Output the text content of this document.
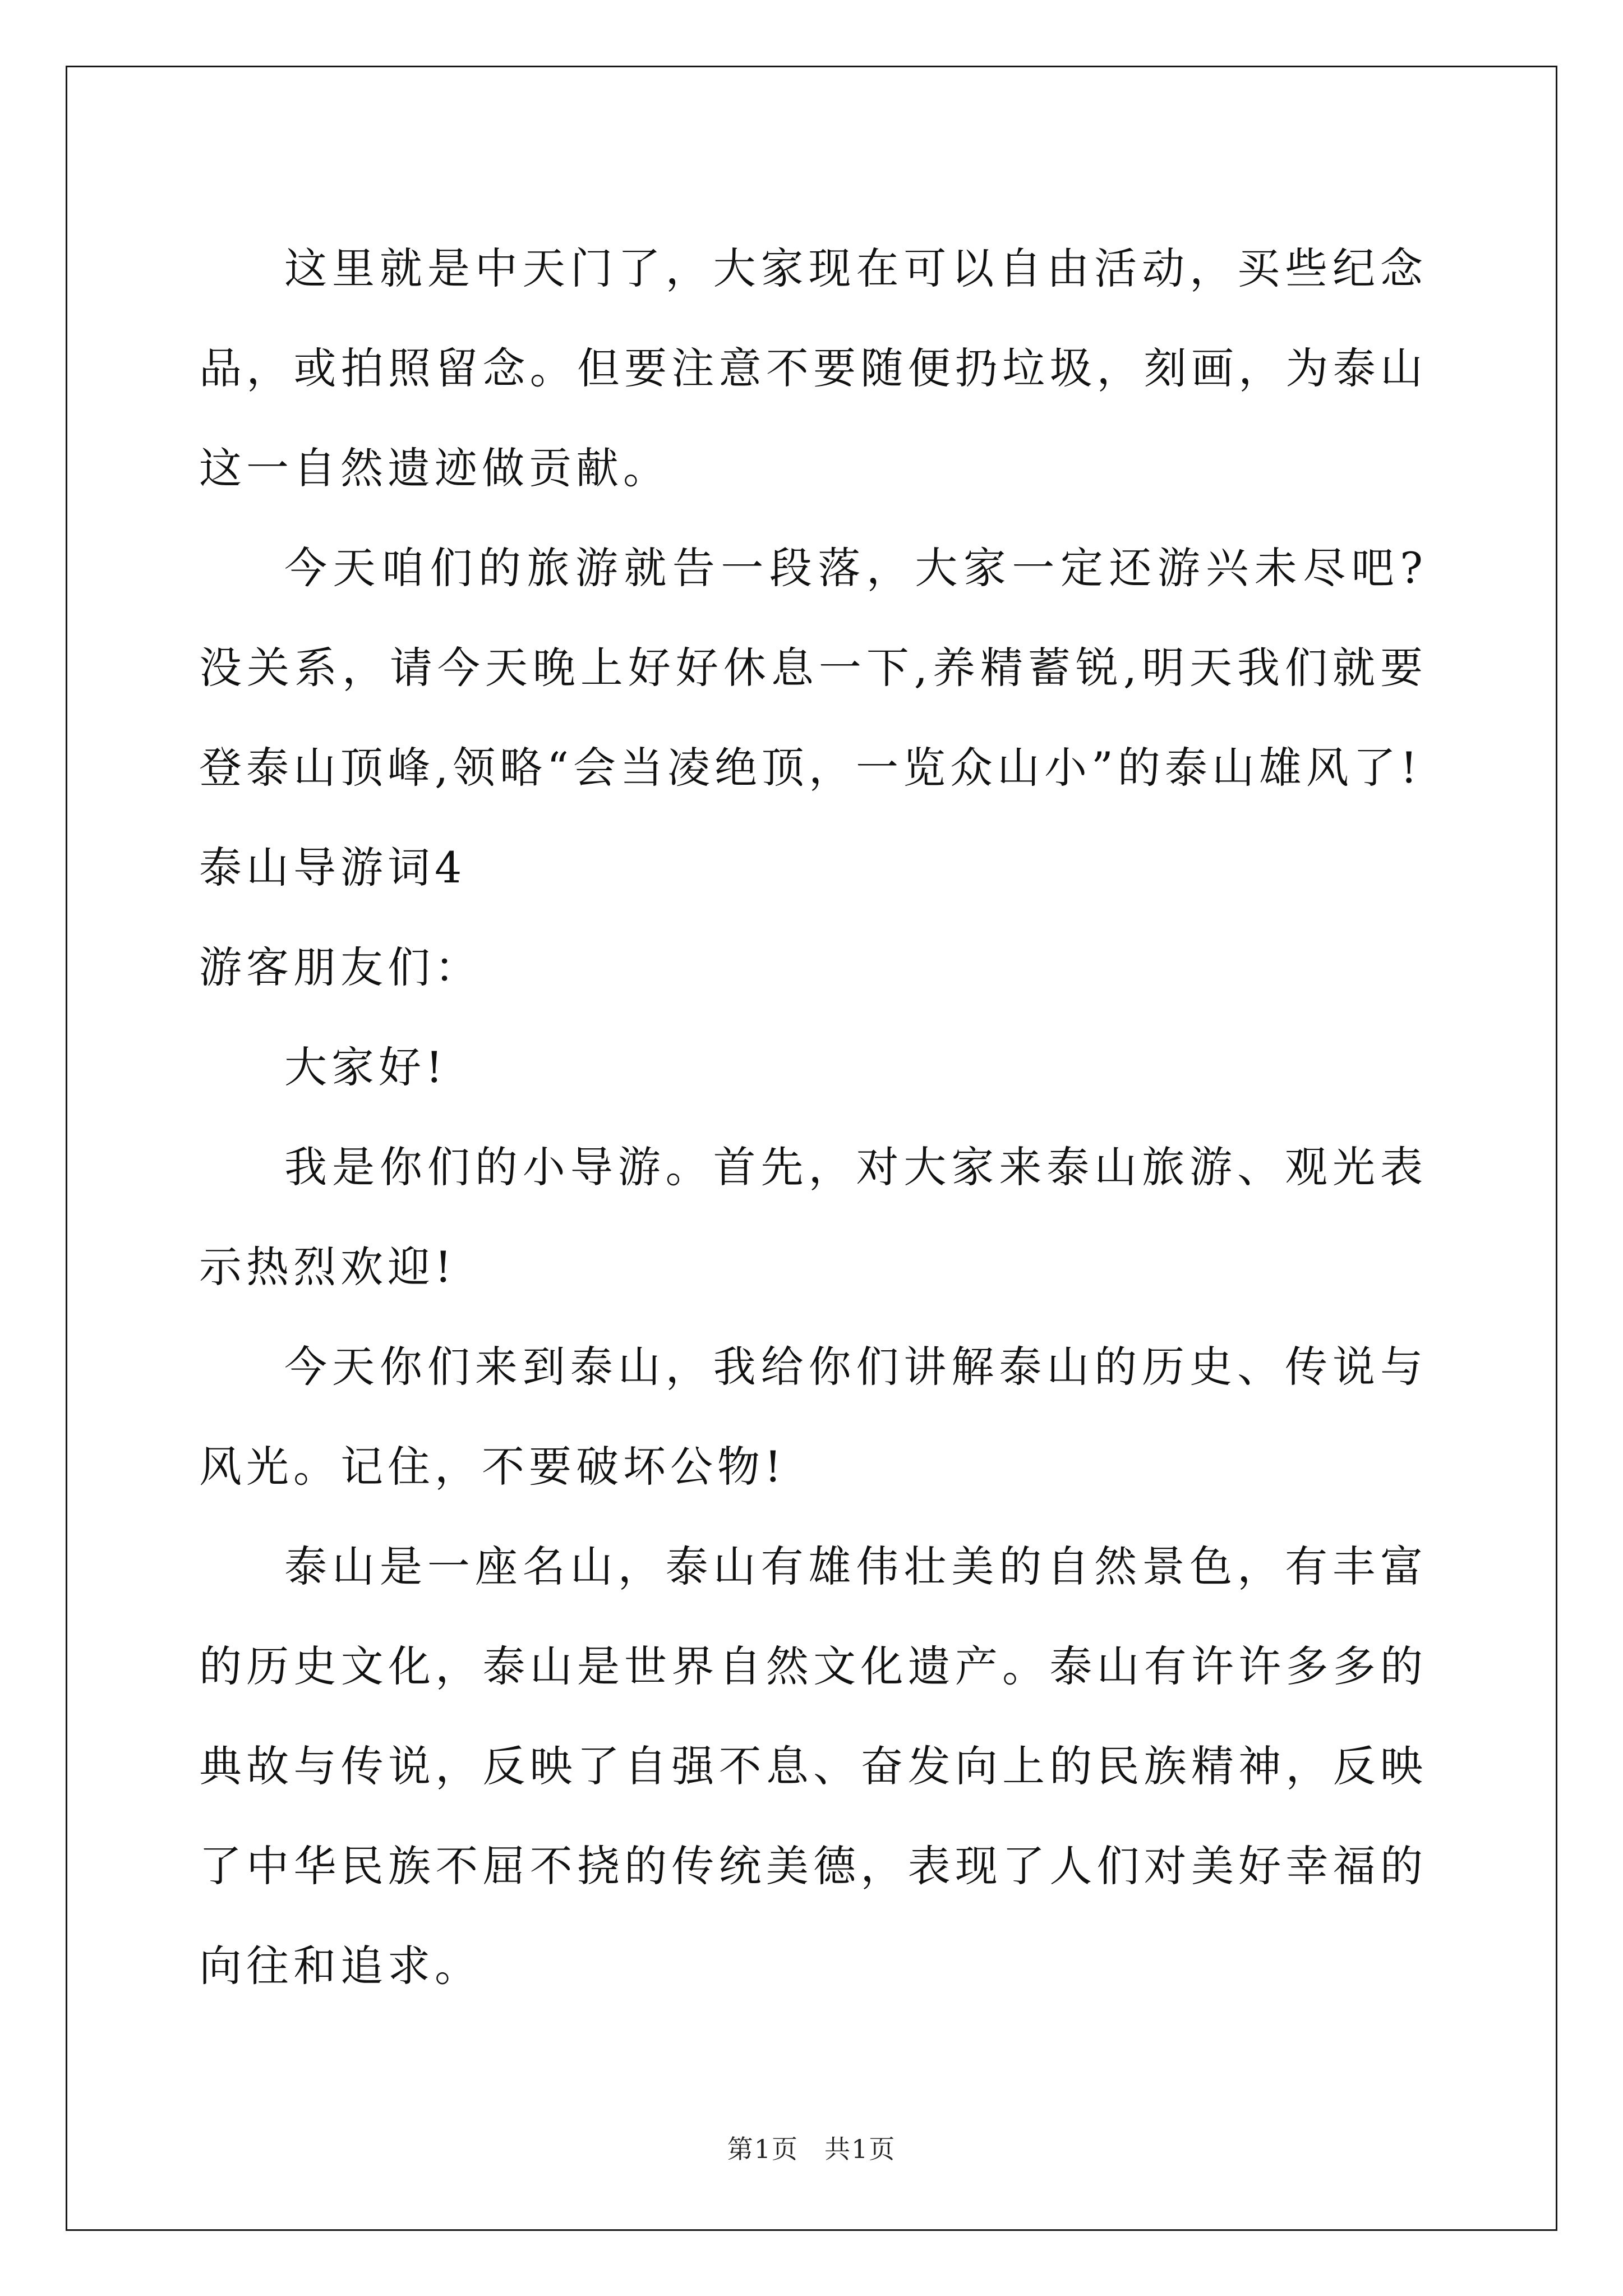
这里就是中天门了，大家现在可以自由活动，买些纪念品，或拍照留念。但要注意不要随便扔垃圾，刻画，为泰山这一自然遗迹做贡献。

今天咱们的旅游就告一段落，大家一定还游兴未尽吧?没关系，请今天晚上好好休息一下,养精蓄锐,明天我们就要登泰山顶峰,领略“会当凌绝顶，一览众山小”的泰山雄风了!

泰山导游词4

游客朋友们：

大家好!

我是你们的小导游。首先，对大家来泰山旅游、观光表示热烈欢迎!

今天你们来到泰山，我给你们讲解泰山的历史、传说与风光。记住，不要破坏公物!

泰山是一座名山，泰山有雄伟壮美的自然景色，有丰富的历史文化，泰山是世界自然文化遗产。泰山有许许多多的典故与传说，反映了自强不息、奋发向上的民族精神，反映了中华民族不屈不挠的传统美德，表现了人们对美好幸福的向往和追求。

第1页 共1页
